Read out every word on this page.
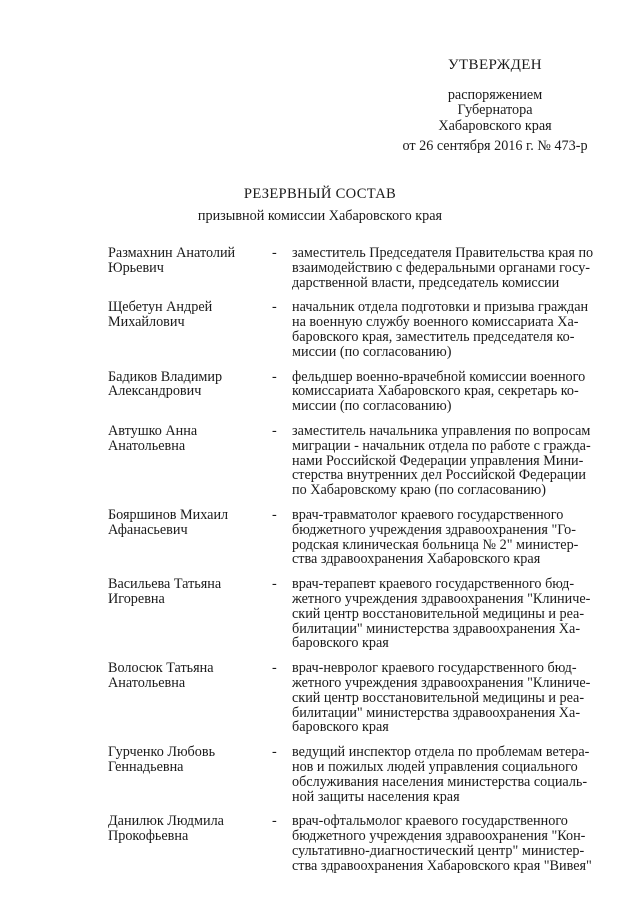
УТВЕРЖДЕН
распоряжением
Губернатора
Хабаровского края
от 26 сентября 2016 г. № 473-р
РЕЗЕРВНЫЙ СОСТАВ
призывной комиссии Хабаровского края
Размахнин Анатолий
Юрьевич
-	заместитель Председателя Правительства края по
взаимодействию с федеральными органами госу-
дарственной власти, председатель комиссии
Щебетун Андрей
Михайлович
-	начальник отдела подготовки и призыва граждан
на военную службу военного комиссариата Ха-
баровского края, заместитель председателя ко-
миссии (по согласованию)
Бадиков Владимир
Александрович
-	фельдшер военно-врачебной комиссии военного
комиссариата Хабаровского края, секретарь ко-
миссии (по согласованию)
Автушко Анна
Анатольевна
-	заместитель начальника управления по вопросам
миграции - начальник отдела по работе с гражда-
нами Российской Федерации управления Мини-
стерства внутренних дел Российской Федерации
по Хабаровскому краю (по согласованию)
Бояршинов Михаил
Афанасьевич
-	врач-травматолог краевого государственного
бюджетного учреждения здравоохранения "Го-
родская клиническая больница № 2" министер-
ства здравоохранения Хабаровского края
Васильева Татьяна
Игоревна
-	врач-терапевт краевого государственного бюд-
жетного учреждения здравоохранения "Клиниче-
ский центр восстановительной медицины и реа-
билитации" министерства здравоохранения Ха-
баровского края
Волосюк Татьяна
Анатольевна
-	врач-невролог краевого государственного бюд-
жетного учреждения здравоохранения "Клиниче-
ский центр восстановительной медицины и реа-
билитации" министерства здравоохранения Ха-
баровского края
Гурченко Любовь
Геннадьевна
-	ведущий инспектор отдела по проблемам ветера-
нов и пожилых людей управления социального
обслуживания населения министерства социаль-
ной защиты населения края
Данилюк Людмила
Прокофьевна
-	врач-офтальмолог краевого государственного
бюджетного учреждения здравоохранения "Кон-
сультативно-диагностический центр" министер-
ства здравоохранения Хабаровского края "Вивея"
